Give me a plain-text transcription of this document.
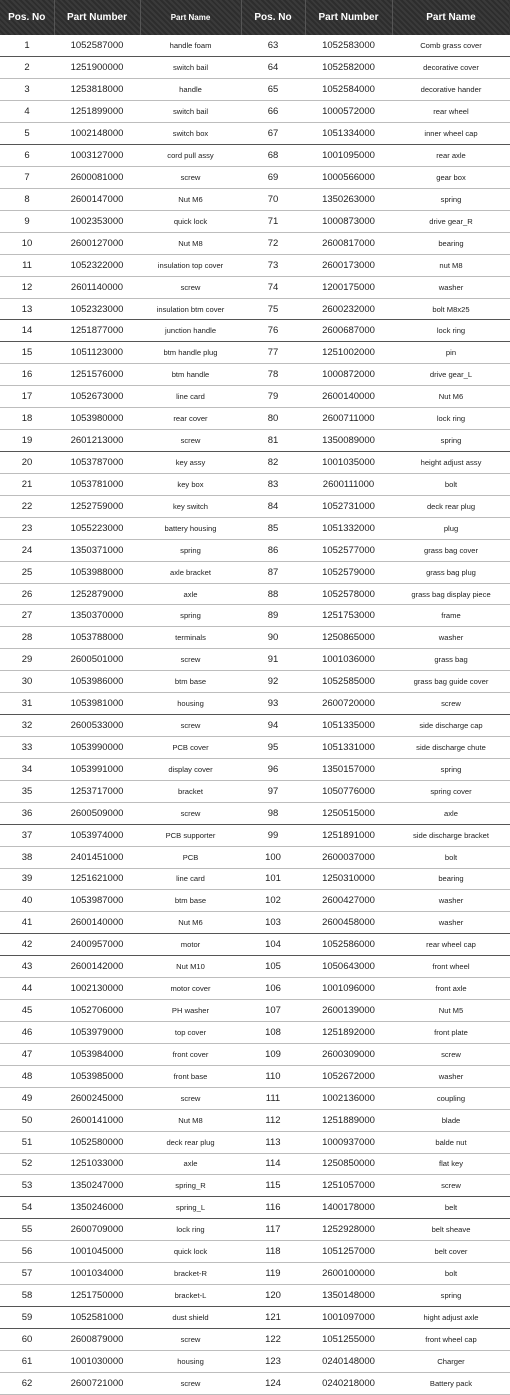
Pos. No	Part Number	Part Name	Pos. No	Part Number	Part Name
1	1052587000	handle foam	63	1052583000	Comb grass cover
2	1251900000	switch bail	64	1052582000	decorative cover
3	1253818000	handle	65	1052584000	decorative hander
4	1251899000	switch bail	66	1000572000	rear wheel
5	1002148000	switch box	67	1051334000	inner wheel cap
6	1003127000	cord pull assy	68	1001095000	rear axle
7	2600081000	screw	69	1000566000	gear box
8	2600147000	Nut M6	70	1350263000	spring
9	1002353000	quick lock	71	1000873000	drive gear_R
10	2600127000	Nut M8	72	2600817000	bearing
11	1052322000	insulation top cover	73	2600173000	nut M8
12	2601140000	screw	74	1200175000	washer
13	1052323000	insulation btm cover	75	2600232000	bolt M8x25
14	1251877000	junction handle	76	2600687000	lock ring
15	1051123000	btm handle plug	77	1251002000	pin
16	1251576000	btm handle	78	1000872000	drive gear_L
17	1052673000	line card	79	2600140000	Nut M6
18	1053980000	rear cover	80	2600711000	lock ring
19	2601213000	screw	81	1350089000	spring
20	1053787000	key assy	82	1001035000	height adjust assy
21	1053781000	key box	83	2600111000	bolt
22	1252759000	key switch	84	1052731000	deck rear plug
23	1055223000	battery housing	85	1051332000	plug
24	1350371000	spring	86	1052577000	grass bag cover
25	1053988000	axle bracket	87	1052579000	grass bag plug
26	1252879000	axle	88	1052578000	grass bag display piece
27	1350370000	spring	89	1251753000	frame
28	1053788000	terminals	90	1250865000	washer
29	2600501000	screw	91	1001036000	grass bag
30	1053986000	btm base	92	1052585000	grass bag guide cover
31	1053981000	housing	93	2600720000	screw
32	2600533000	screw	94	1051335000	side discharge cap
33	1053990000	PCB cover	95	1051331000	side discharge chute
34	1053991000	display cover	96	1350157000	spring
35	1253717000	bracket	97	1050776000	spring cover
36	2600509000	screw	98	1250515000	axle
37	1053974000	PCB supporter	99	1251891000	side discharge bracket
38	2401451000	PCB	100	2600037000	bolt
39	1251621000	line card	101	1250310000	bearing
40	1053987000	btm base	102	2600427000	washer
41	2600140000	Nut M6	103	2600458000	washer
42	2400957000	motor	104	1052586000	rear wheel cap
43	2600142000	Nut M10	105	1050643000	front wheel
44	1002130000	motor cover	106	1001096000	front axle
45	1052706000	PH washer	107	2600139000	Nut M5
46	1053979000	top cover	108	1251892000	front plate
47	1053984000	front cover	109	2600309000	screw
48	1053985000	front base	110	1052672000	washer
49	2600245000	screw	111	1002136000	coupling
50	2600141000	Nut M8	112	1251889000	blade
51	1052580000	deck rear plug	113	1000937000	balde nut
52	1251033000	axle	114	1250850000	flat key
53	1350247000	spring_R	115	1251057000	screw
54	1350246000	spring_L	116	1400178000	belt
55	2600709000	lock ring	117	1252928000	belt sheave
56	1001045000	quick lock	118	1051257000	belt cover
57	1001034000	bracket-R	119	2600100000	bolt
58	1251750000	bracket-L	120	1350148000	spring
59	1052581000	dust shield	121	1001097000	hight adjust axle
60	2600879000	screw	122	1051255000	front wheel cap
61	1001030000	housing	123	0240148000	Charger
62	2600721000	screw	124	0240218000	Battery pack
